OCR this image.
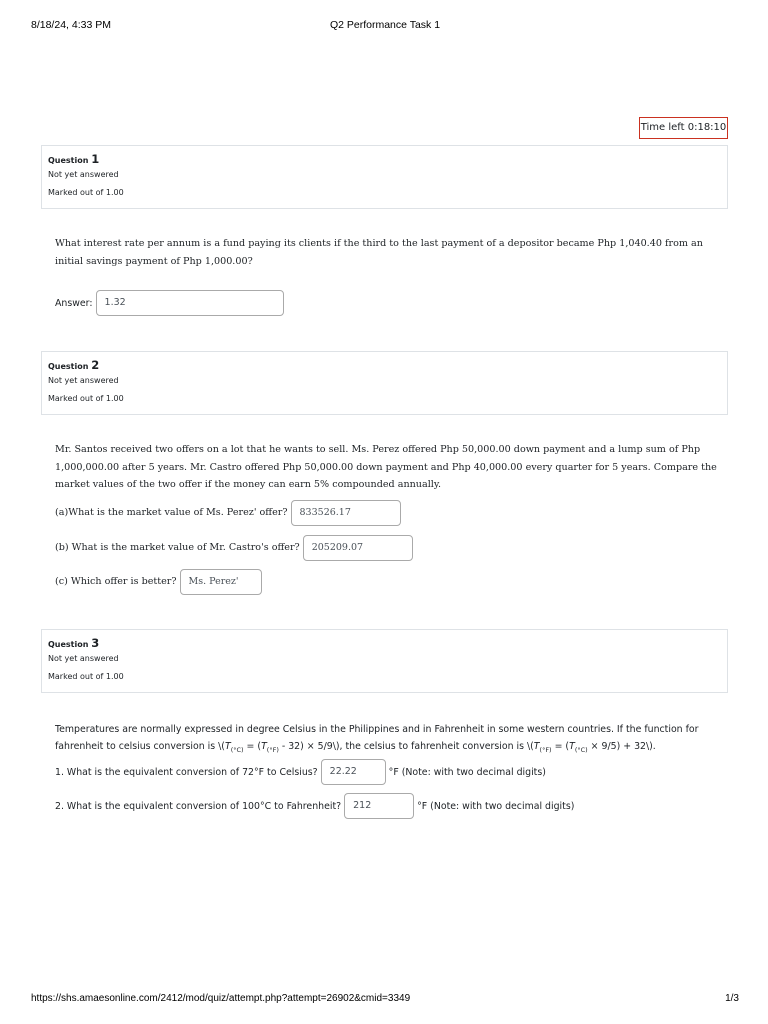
8/18/24, 4:33 PM	Q2 Performance Task 1
Time left 0:18:10
Question 1
Not yet answered
Marked out of 1.00
What interest rate per annum is a fund paying its clients if the third to the last payment of a depositor became Php 1,040.40 from an initial savings payment of Php 1,000.00?
Answer:	1.32
Question 2
Not yet answered
Marked out of 1.00
Mr. Santos received two offers on a lot that he wants to sell. Ms. Perez offered Php 50,000.00 down payment and a lump sum of Php 1,000,000.00 after 5 years. Mr. Castro offered Php 50,000.00 down payment and Php 40,000.00 every quarter for 5 years. Compare the market values of the two offer if the money can earn 5% compounded annually.
(a)What is the market value of Ms. Perez' offer?	833526.17
(b) What is the market value of Mr. Castro's offer?	205209.07
(c) Which offer is better?	Ms. Perez'
Question 3
Not yet answered
Marked out of 1.00
Temperatures are normally expressed in degree Celsius in the Philippines and in Fahrenheit in some western countries. If the function for
fahrenheit to celsius conversion is $\backslash(T_{(^\circ C)} = (T_{(^\circ F)} - 32)$ × 5/9\), the celsius to fahrenheit conversion is $\backslash(T_{(^\circ F)} = (T_{(^\circ C)} \times 9/5)$ + 32\).
1. What is the equivalent conversion of 72°F to Celsius?	22.22	°F (Note: with two decimal digits)
2. What is the equivalent conversion of 100°C to Fahrenheit?	212	°F (Note: with two decimal digits)
https://shs.amaesonline.com/2412/mod/quiz/attempt.php?attempt=26902&cmid=3349	1/3
